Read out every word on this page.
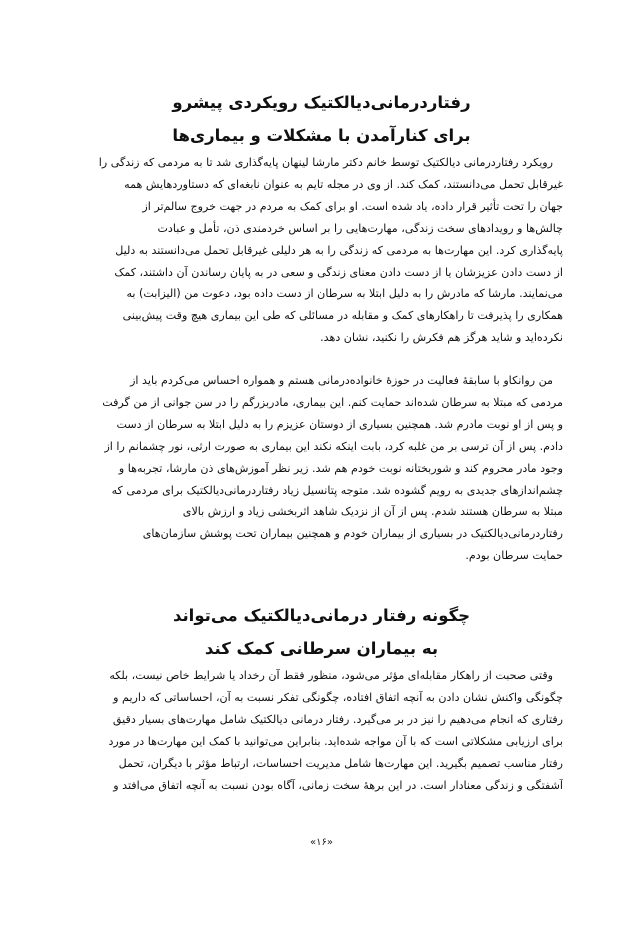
رفتاردرمانی‌دیالکتیک رویکردی پیشرو
برای کنارآمدن با مشکلات و بیماری‌ها
رویکرد رفتاردرمانی دیالکتیک توسط خانم دکتر مارشا لینهان پایه‌گذاری شد تا به مردمی که زندگی را
غیرقابل تحمل می‌دانستند، کمک کند. از وی در مجله تایم به عنوان نابغه‌ای که دستاوردهایش همه
جهان را تحت تأثیر قرار داده، یاد شده است. او برای کمک به مردم در جهت خروج سالم‌تر از
چالش‌ها و رویدادهای سخت زندگی، مهارت‌هایی را بر اساس خردمندی ذن، تأمل و عبادت
پایه‌گذاری کرد. این مهارت‌ها به مردمی که زندگی را به هر دلیلی غیرقابل تحمل می‌دانستند به دلیل
از دست دادن عزیزشان یا از دست دادن معنای زندگی و سعی در به پایان رساندن آن داشتند، کمک
می‌نمایند. مارشا که مادرش را به دلیل ابتلا به سرطان از دست داده بود، دعوت من (الیزابت) به
همکاری را پذیرفت تا راهکارهای کمک و مقابله در مسائلی که طی این بیماری هیچ وقت پیش‌بینی
نکرده‌اید و شاید هرگز هم فکرش را نکنید، نشان دهد.
من روانکاو با سابقهٔ فعالیت در حوزهٔ خانواده‌درمانی هستم و همواره احساس می‌کردم باید از
مردمی که مبتلا به سرطان شده‌اند حمایت کنم. این بیماری، مادربزرگم را در سن جوانی از من گرفت
و پس از او نوبت مادرم شد. همچنین بسیاری از دوستان عزیزم را به دلیل ابتلا به سرطان از دست
دادم. پس از آن ترسی بر من غلبه کرد، بابت اینکه نکند این بیماری به صورت ارثی، نور چشمانم را از
وجود مادر محروم کند و شوربختانه نوبت خودم هم شد. زیر نظر آموزش‌های ذن مارشا، تجربه‌ها و
چشم‌اندازهای جدیدی به رویم گشوده شد. متوجه پتانسیل زیاد رفتاردرمانی‌دیالکتیک برای مردمی که
مبتلا به سرطان هستند شدم. پس از آن از نزدیک شاهد اثربخشی زیاد و ارزش بالای
رفتاردرمانی‌دیالکتیک در بسیاری از بیماران خودم و همچنین بیماران تحت پوشش سازمان‌های
حمایت سرطان بودم.
چگونه رفتار درمانی‌دیالکتیک می‌تواند
به بیماران سرطانی کمک کند
وقتی صحبت از راهکار مقابله‌ای مؤثر می‌شود، منظور فقط آن رخداد یا شرایط خاص نیست، بلکه
چگونگی واکنش نشان دادن به آنچه اتفاق افتاده، چگونگی تفکر نسبت به آن، احساساتی که داریم و
رفتاری که انجام می‌دهیم را نیز در بر می‌گیرد. رفتار درمانی دیالکتیک شامل مهارت‌های بسیار دقیق
برای ارزیابی مشکلاتی است که با آن مواجه شده‌اید. بنابراین می‌توانید با کمک این مهارت‌ها در مورد
رفتار مناسب تصمیم بگیرید. این مهارت‌ها شامل مدیریت احساسات، ارتباط مؤثر با دیگران، تحمل
آشفتگی و زندگی معنادار است. در این برههٔ سخت زمانی، آگاه بودن نسبت به آنچه اتفاق می‌افتد و
«۱۶»
